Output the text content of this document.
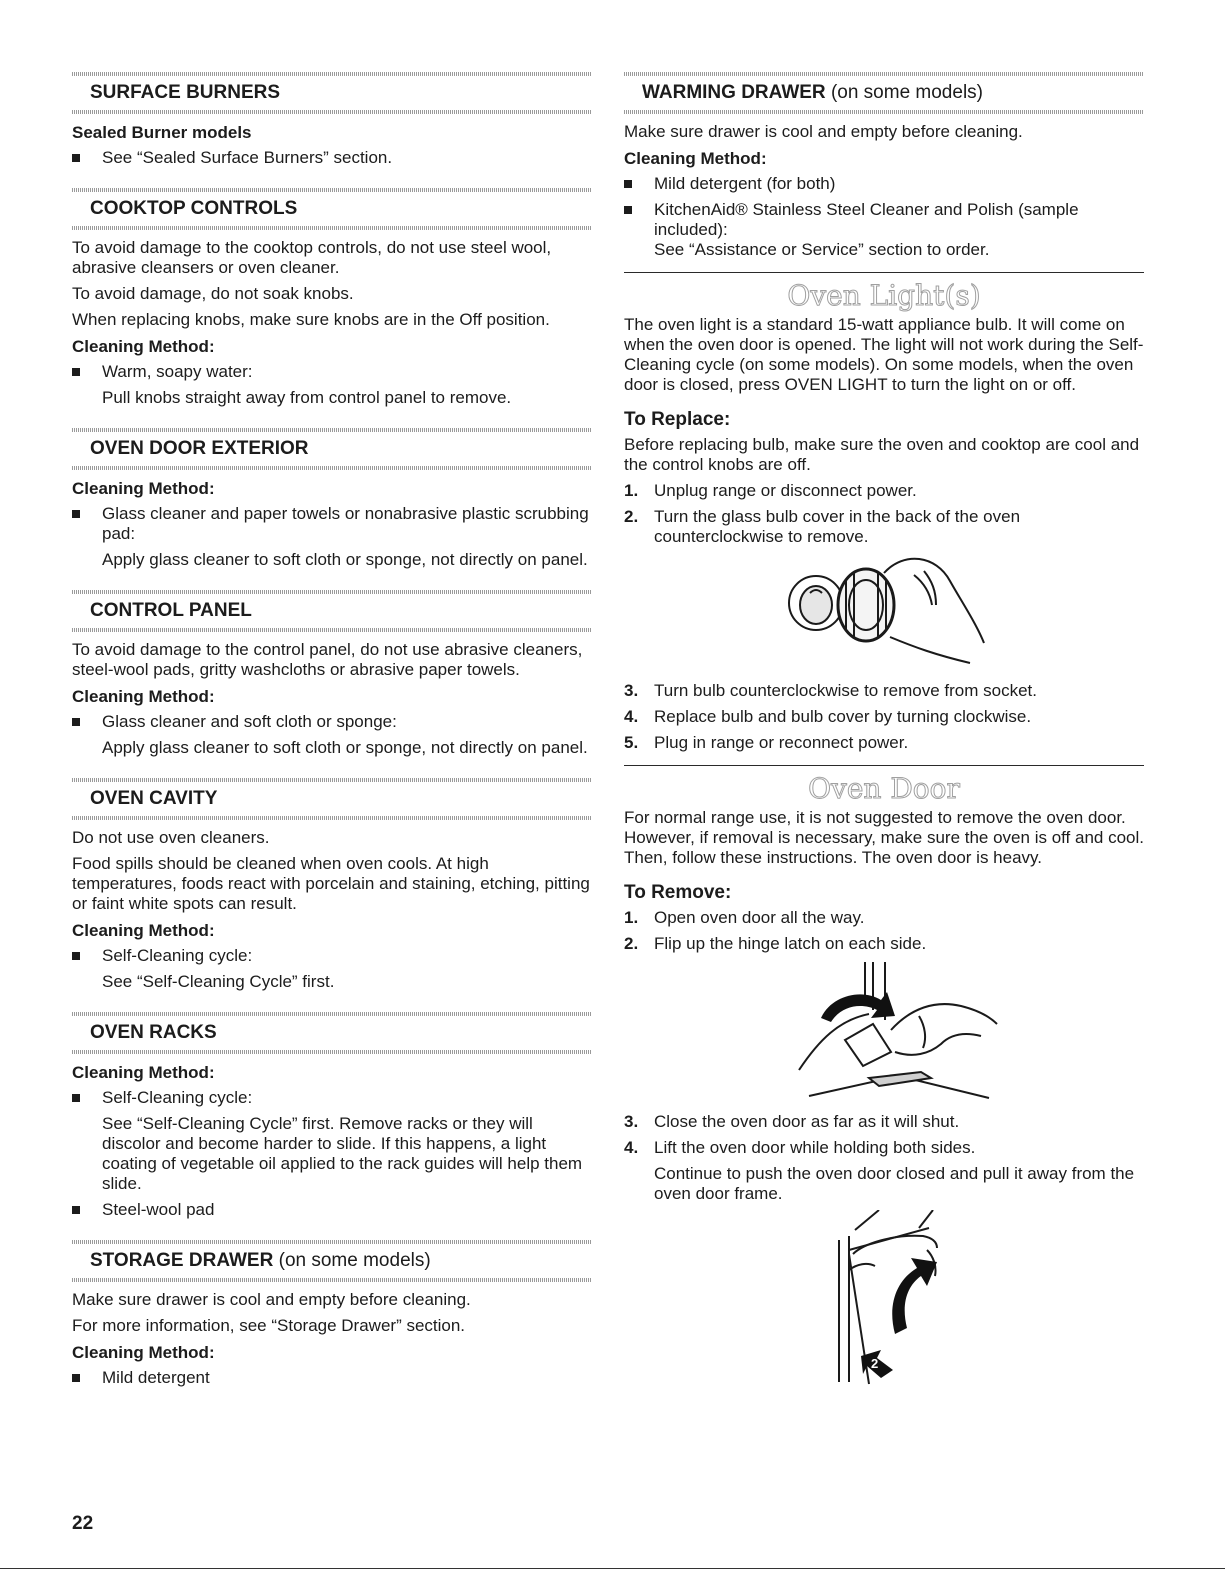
SURFACE BURNERS
Sealed Burner models
See “Sealed Surface Burners” section.
COOKTOP CONTROLS

To avoid damage to the cooktop controls, do not use steel wool, abrasive cleansers or oven cleaner.

To avoid damage, do not soak knobs.

When replacing knobs, make sure knobs are in the Off position.

Cleaning Method:
Warm, soapy water:
Pull knobs straight away from control panel to remove.
OVEN DOOR EXTERIOR
Cleaning Method:
Glass cleaner and paper towels or nonabrasive plastic scrubbing pad:
Apply glass cleaner to soft cloth or sponge, not directly on panel.
CONTROL PANEL

To avoid damage to the control panel, do not use abrasive cleaners, steel-wool pads, gritty washcloths or abrasive paper towels.

Cleaning Method:
Glass cleaner and soft cloth or sponge:
Apply glass cleaner to soft cloth or sponge, not directly on panel.
OVEN CAVITY

Do not use oven cleaners.

Food spills should be cleaned when oven cools. At high temperatures, foods react with porcelain and staining, etching, pitting or faint white spots can result.

Cleaning Method:
Self-Cleaning cycle:
See “Self-Cleaning Cycle” first.
OVEN RACKS
Cleaning Method:
Self-Cleaning cycle:
See “Self-Cleaning Cycle” first. Remove racks or they will discolor and become harder to slide. If this happens, a light coating of vegetable oil applied to the rack guides will help them slide.
Steel-wool pad
STORAGE DRAWER (on some models)

Make sure drawer is cool and empty before cleaning.

For more information, see “Storage Drawer” section.

Cleaning Method:
Mild detergent
WARMING DRAWER (on some models)

Make sure drawer is cool and empty before cleaning.

Cleaning Method:
Mild detergent (for both)
KitchenAid® Stainless Steel Cleaner and Polish (sample included):
See “Assistance or Service” section to order.
Oven Light(s)

The oven light is a standard 15-watt appliance bulb. It will come on when the oven door is opened. The light will not work during the Self-Cleaning cycle (on some models). On some models, when the oven door is closed, press OVEN LIGHT to turn the light on or off.

To Replace:

Before replacing bulb, make sure the oven and cooktop are cool and the control knobs are off.

1. Unplug range or disconnect power.
2. Turn the glass bulb cover in the back of the oven counterclockwise to remove.
3. Turn bulb counterclockwise to remove from socket.
4. Replace bulb and bulb cover by turning clockwise.
5. Plug in range or reconnect power.
Oven Door

For normal range use, it is not suggested to remove the oven door. However, if removal is necessary, make sure the oven is off and cool. Then, follow these instructions. The oven door is heavy.

To Remove:
1. Open oven door all the way.
2. Flip up the hinge latch on each side.
3. Close the oven door as far as it will shut.
4. Lift the oven door while holding both sides.
Continue to push the oven door closed and pull it away from the oven door frame.
1
2
22
